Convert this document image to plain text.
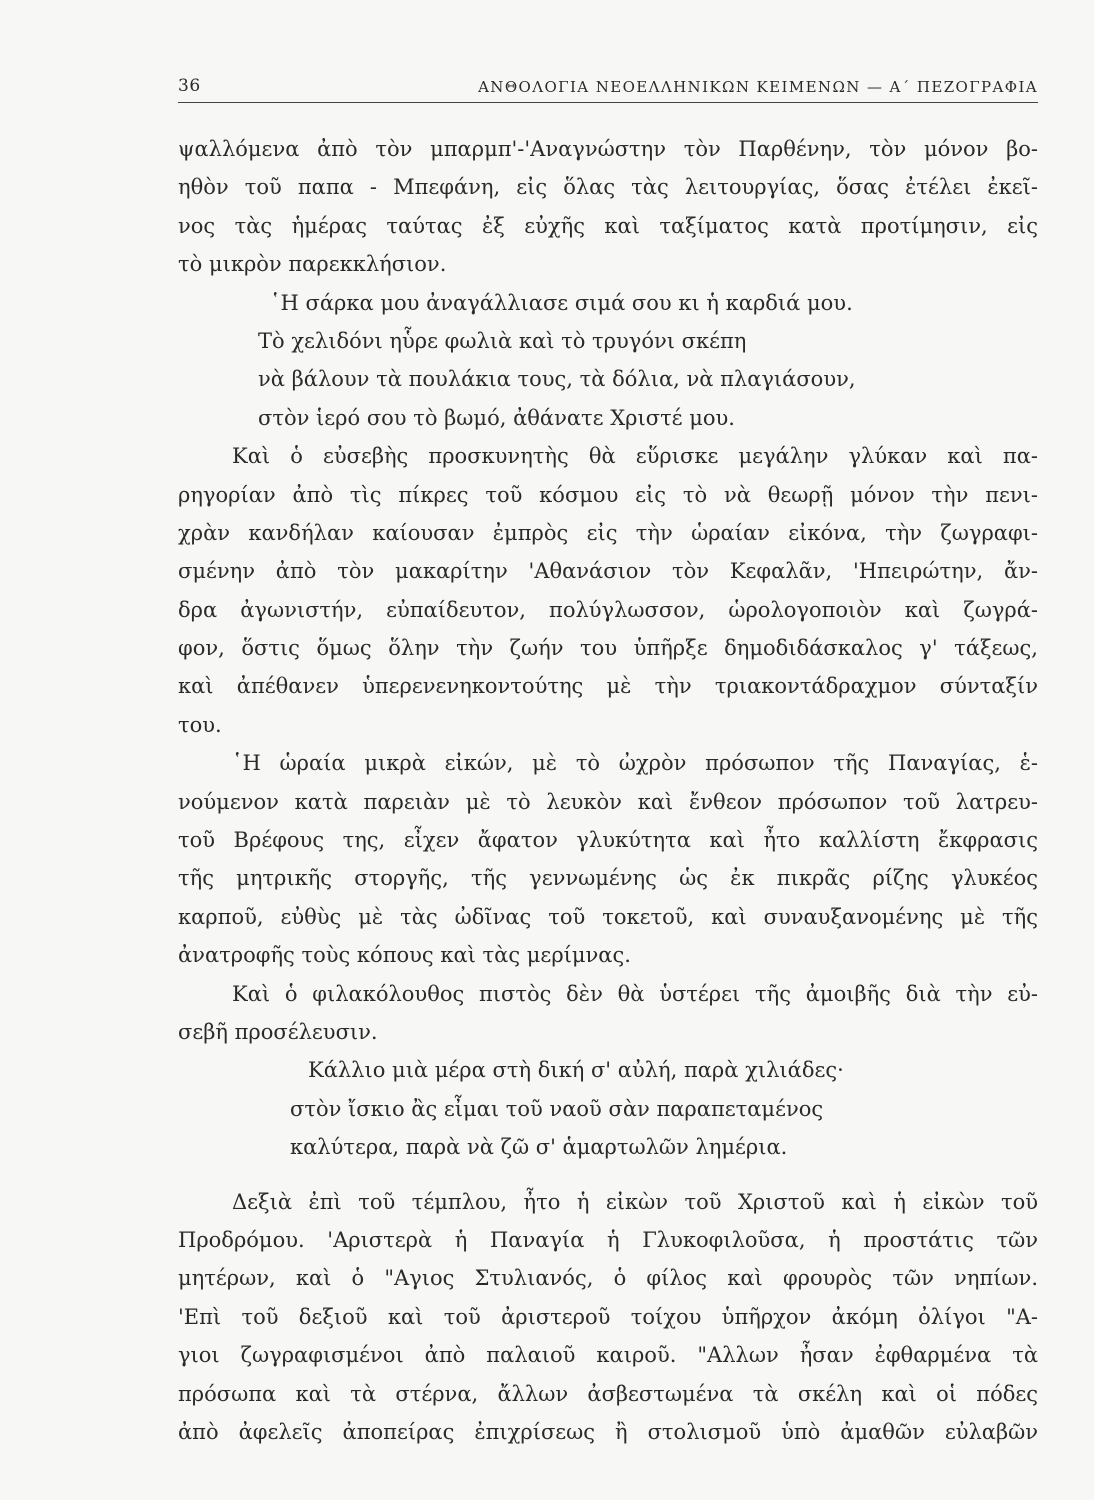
36	ΑΝΘΟΛΟΓΙΑ ΝΕΟΕΛΛΗΝΙΚΩΝ ΚΕΙΜΕΝΩΝ — Α΄ ΠΕΖΟΓΡΑΦΙΑ
ψαλλόμενα ἀπὸ τὸν μπαρμπ'-'Αναγνώστην τὸν Παρθένην, τὸν μόνον βο-
ηθὸν τοῦ παπα - Μπεφάνη, εἰς ὅλας τὰς λειτουργίας, ὅσας ἐτέλει ἐκεῖ-
νος τὰς ἡμέρας ταύτας ἐξ εὐχῆς καὶ ταξίματος κατὰ προτίμησιν, εἰς
τὸ μικρὸν παρεκκλήσιον.
῾Η σάρκα μου ἀναγάλλιασε σιμά σου κι ἡ καρδιά μου.
Τὸ χελιδόνι ηὗρε φωλιὰ καὶ τὸ τρυγόνι σκέπη
νὰ βάλουν τὰ πουλάκια τους, τὰ δόλια, νὰ πλαγιάσουν,
στὸν ἱερό σου τὸ βωμό, ἀθάνατε Χριστέ μου.
Καὶ ὁ εὐσεβὴς προσκυνητὴς θὰ εὕρισκε μεγάλην γλύκαν καὶ πα-
ρηγορίαν ἀπὸ τὶς πίκρες τοῦ κόσμου εἰς τὸ νὰ θεωρῇ μόνον τὴν πενι-
χρὰν κανδήλαν καίουσαν ἐμπρὸς εἰς τὴν ὡραίαν εἰκόνα, τὴν ζωγραφι-
σμένην ἀπὸ τὸν μακαρίτην 'Αθανάσιον τὸν Κεφαλᾶν, 'Ηπειρώτην, ἄν-
δρα ἀγωνιστήν, εὐπαίδευτον, πολύγλωσσον, ὡρολογοποιὸν καὶ ζωγρά-
φον, ὅστις ὅμως ὅλην τὴν ζωήν του ὑπῆρξε δημοδιδάσκαλος γ' τάξεως,
καὶ ἀπέθανεν ὑπερενενηκοντούτης μὲ τὴν τριακοντάδραχμον σύνταξίν
του.
῾Η ὡραία μικρὰ εἰκών, μὲ τὸ ὠχρὸν πρόσωπον τῆς Παναγίας, ἑ-
νούμενον κατὰ παρειὰν μὲ τὸ λευκὸν καὶ ἔνθεον πρόσωπον τοῦ λατρευ-
τοῦ Βρέφους της, εἶχεν ἄφατον γλυκύτητα καὶ ἦτο καλλίστη ἔκφρασις
τῆς μητρικῆς στοργῆς, τῆς γεννωμένης ὡς ἐκ πικρᾶς ρίζης γλυκέος
καρποῦ, εὐθὺς μὲ τὰς ὠδῖνας τοῦ τοκετοῦ, καὶ συναυξανομένης μὲ τῆς
ἀνατροφῆς τοὺς κόπους καὶ τὰς μερίμνας.
Καὶ ὁ φιλακόλουθος πιστὸς δὲν θὰ ὑστέρει τῆς ἀμοιβῆς διὰ τὴν εὐ-
σεβῆ προσέλευσιν.
Κάλλιο μιὰ μέρα στὴ δική σ' αὐλή, παρὰ χιλιάδες·
στὸν ἴσκιο ἂς εἶμαι τοῦ ναοῦ σὰν παραπεταμένος
καλύτερα, παρὰ νὰ ζῶ σ' ἁμαρτωλῶν λημέρια.
Δεξιὰ ἐπὶ τοῦ τέμπλου, ἦτο ἡ εἰκὼν τοῦ Χριστοῦ καὶ ἡ εἰκὼν τοῦ
Προδρόμου. 'Αριστερὰ ἡ Παναγία ἡ Γλυκοφιλοῦσα, ἡ προστάτις τῶν
μητέρων, καὶ ὁ "Αγιος Στυλιανός, ὁ φίλος καὶ φρουρὸς τῶν νηπίων.
'Επὶ τοῦ δεξιοῦ καὶ τοῦ ἀριστεροῦ τοίχου ὑπῆρχον ἀκόμη ὀλίγοι "Α-
γιοι ζωγραφισμένοι ἀπὸ παλαιοῦ καιροῦ. "Αλλων ἦσαν ἐφθαρμένα τὰ
πρόσωπα καὶ τὰ στέρνα, ἄλλων ἀσβεστωμένα τὰ σκέλη καὶ οἱ πόδες
ἀπὸ ἀφελεῖς ἀποπείρας ἐπιχρίσεως ἢ στολισμοῦ ὑπὸ ἀμαθῶν εὐλαβῶν
